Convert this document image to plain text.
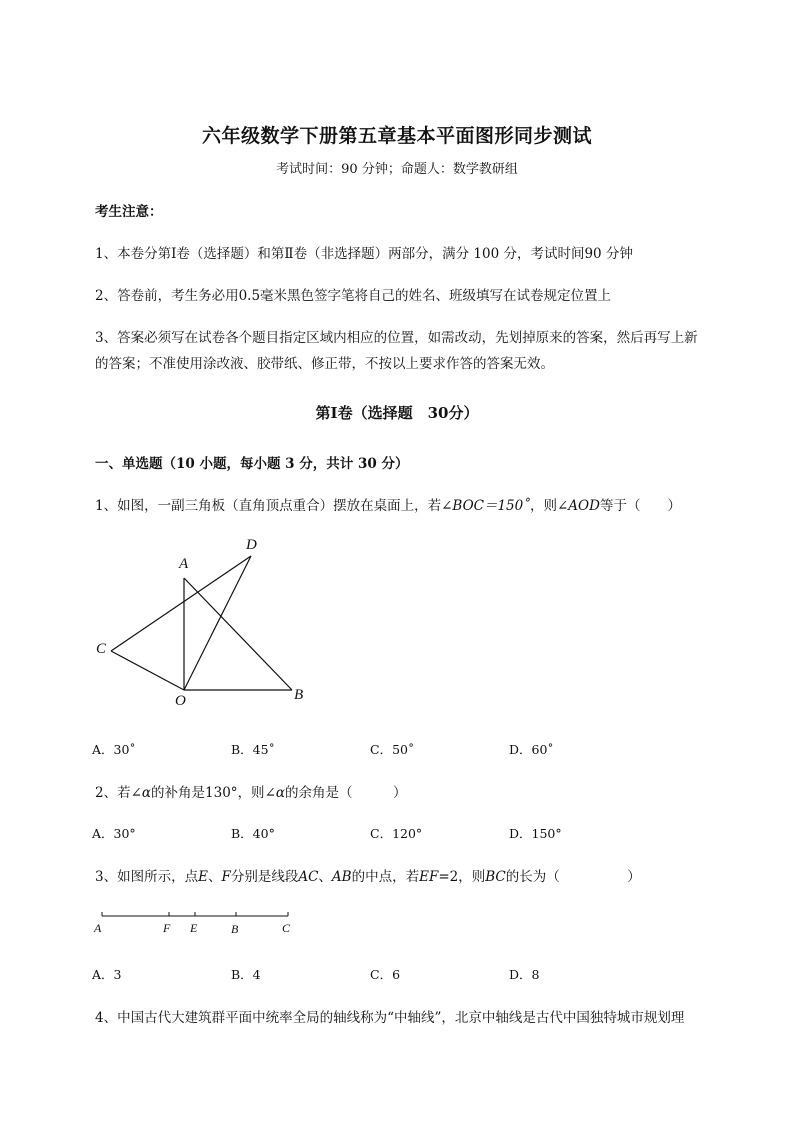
六年级数学下册第五章基本平面图形同步测试
考试时间：90 分钟；命题人：数学教研组
考生注意：
1、本卷分第Ⅰ卷（选择题）和第Ⅱ卷（非选择题）两部分，满分 100 分，考试时间90 分钟
2、答卷前，考生务必用0.5毫米黑色签字笔将自己的姓名、班级填写在试卷规定位置上
3、答案必须写在试卷各个题目指定区域内相应的位置，如需改动，先划掉原来的答案，然后再写上新
的答案；不准使用涂改液、胶带纸、修正带，不按以上要求作答的答案无效。
第Ⅰ卷（选择题　30分）
一、单选题（10 小题，每小题 3 分，共计 30 分）
1、如图，一副三角板（直角顶点重合）摆放在桌面上，若∠BOC＝150˚，则∠AOD等于（　　）
A
D
C
O	B
A．30˚	B．45˚	C．50˚	D．60˚
2、若∠α的补角是130°，则∠α的余角是（　　　）
A．30°	B．40°	C．120°	D．150°
3、如图所示，点E、F分别是线段AC、AB的中点，若EF=2，则BC的长为（　　　　　）
A	F E	B	C
A．3	B．4	C．6	D．8
4、中国古代大建筑群平面中统率全局的轴线称为“中轴线”，北京中轴线是古代中国独特城市规划理
